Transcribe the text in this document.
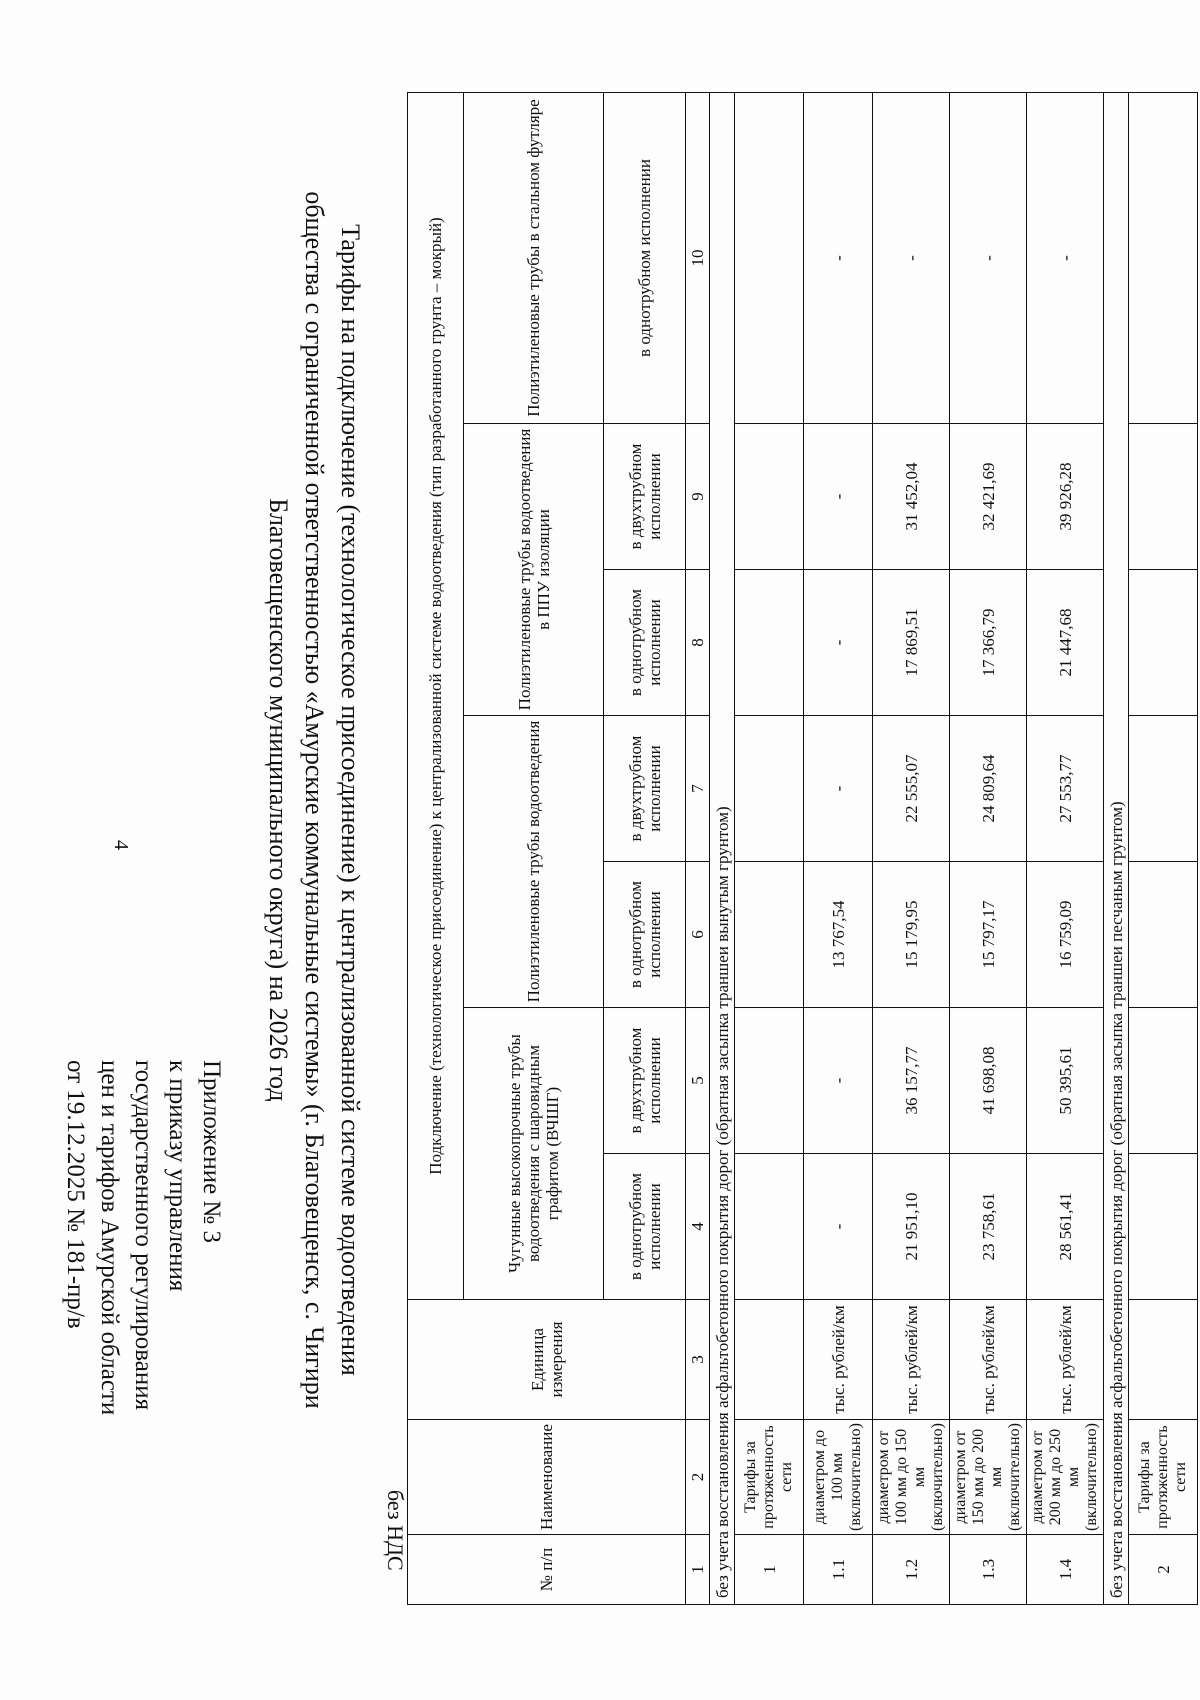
4
Приложение № 3
к приказу управления
государственного регулирования
цен и тарифов Амурской области
от 19.12.2025 № 181-пр/в	Тарифы на подключение (технологическое присоединение) к централизованной системе водоотведения
общества с ограниченной ответственностью «Амурские коммунальные системы» (г. Благовещенск, с. Чигири
Благовещенского муниципального округа) на 2026 год
без НДС	№ п/п	Наименование	Единица измерения	Подключение (технологическое присоединение) к централизованной системе водоотведения (тип разработанного грунта – мокрый)						
			Чугунные высокопрочные трубы водоотведения с шаровидным графитом (ВЧШГ)		Полиэтиленовые трубы водоотведения		Полиэтиленовые трубы водоотведения в ППУ изоляции		Полиэтиленовые трубы в стальном футляре
			в однотрубном исполнении	в двухтрубном исполнении	в однотрубном исполнении	в двухтрубном исполнении	в однотрубном исполнении	в двухтрубном исполнении	в однотрубном исполнении
1	2	3	4	5	6	7	8	9	10
без учета восстановления асфальтобетонного покрытия дорог (обратная засыпка траншеи вынутым грунтом)									
1	Тарифы за протяженность сети								
1.1	диаметром до 100 мм (включительно)	тыс. рублей/км	-	-	13 767,54	-	-	-	-
1.2	диаметром от 100 мм до 150 мм (включительно)	тыс. рублей/км	21 951,10	36 157,77	15 179,95	22 555,07	17 869,51	31 452,04	-
1.3	диаметром от 150 мм до 200 мм (включительно)	тыс. рублей/км	23 758,61	41 698,08	15 797,17	24 809,64	17 366,79	32 421,69	-
1.4	диаметром от 200 мм до 250 мм (включительно)	тыс. рублей/км	28 561,41	50 395,61	16 759,09	27 553,77	21 447,68	39 926,28	-
без учета восстановления асфальтобетонного покрытия дорог (обратная засыпка траншеи песчаным грунтом)									
2	Тарифы за протяженность сети								
